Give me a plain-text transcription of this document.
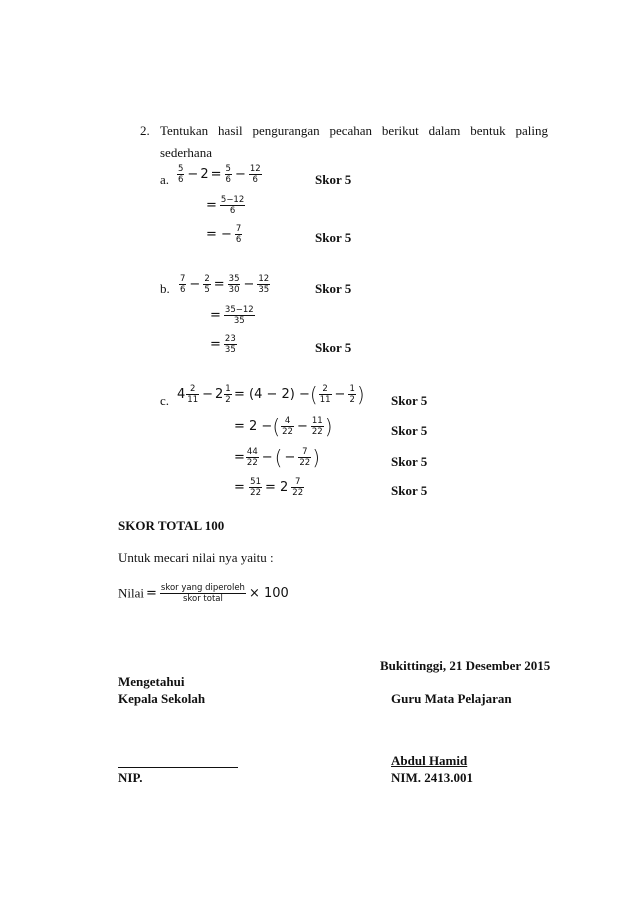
2. Tentukan hasil pengurangan pecahan berikut dalam bentuk paling
sederhana
a. $\frac{5}{6} - 2 = \frac{5}{6} - \frac{12}{6}$	Skor 5
= $\frac{5-12}{6}$
= − $\frac{7}{6}$	Skor 5
b. $\frac{7}{6} - \frac{2}{5} = \frac{35}{30} - \frac{12}{35}$	Skor 5
= $\frac{35-12}{35}$
= $\frac{23}{35}$	Skor 5
c. $4 \frac{2}{11} - 2 \frac{1}{2} = (4 - 2)$ −( $\frac{2}{11} - \frac{1}{2}$ ) Skor 5
= 2 −( $\frac{4}{22} - \frac{11}{22}$ )	Skor 5
= $\frac{44}{22}$ − ( − $\frac{7}{22}$ )	Skor 5
= $\frac{51}{22} = 2 \frac{7}{22}$	Skor 5
SKOR TOTAL 100
Untuk mecari nilai nya yaitu :
Nilai = $\frac{\text{skor yang diperoleh}}{\text{skor total}} \times 100$
Bukittinggi, 21 Desember 2015
Mengetahui
Kepala Sekolah	Guru Mata Pelajaran
Abdul Hamid
NIP.	NIM. 2413.001
